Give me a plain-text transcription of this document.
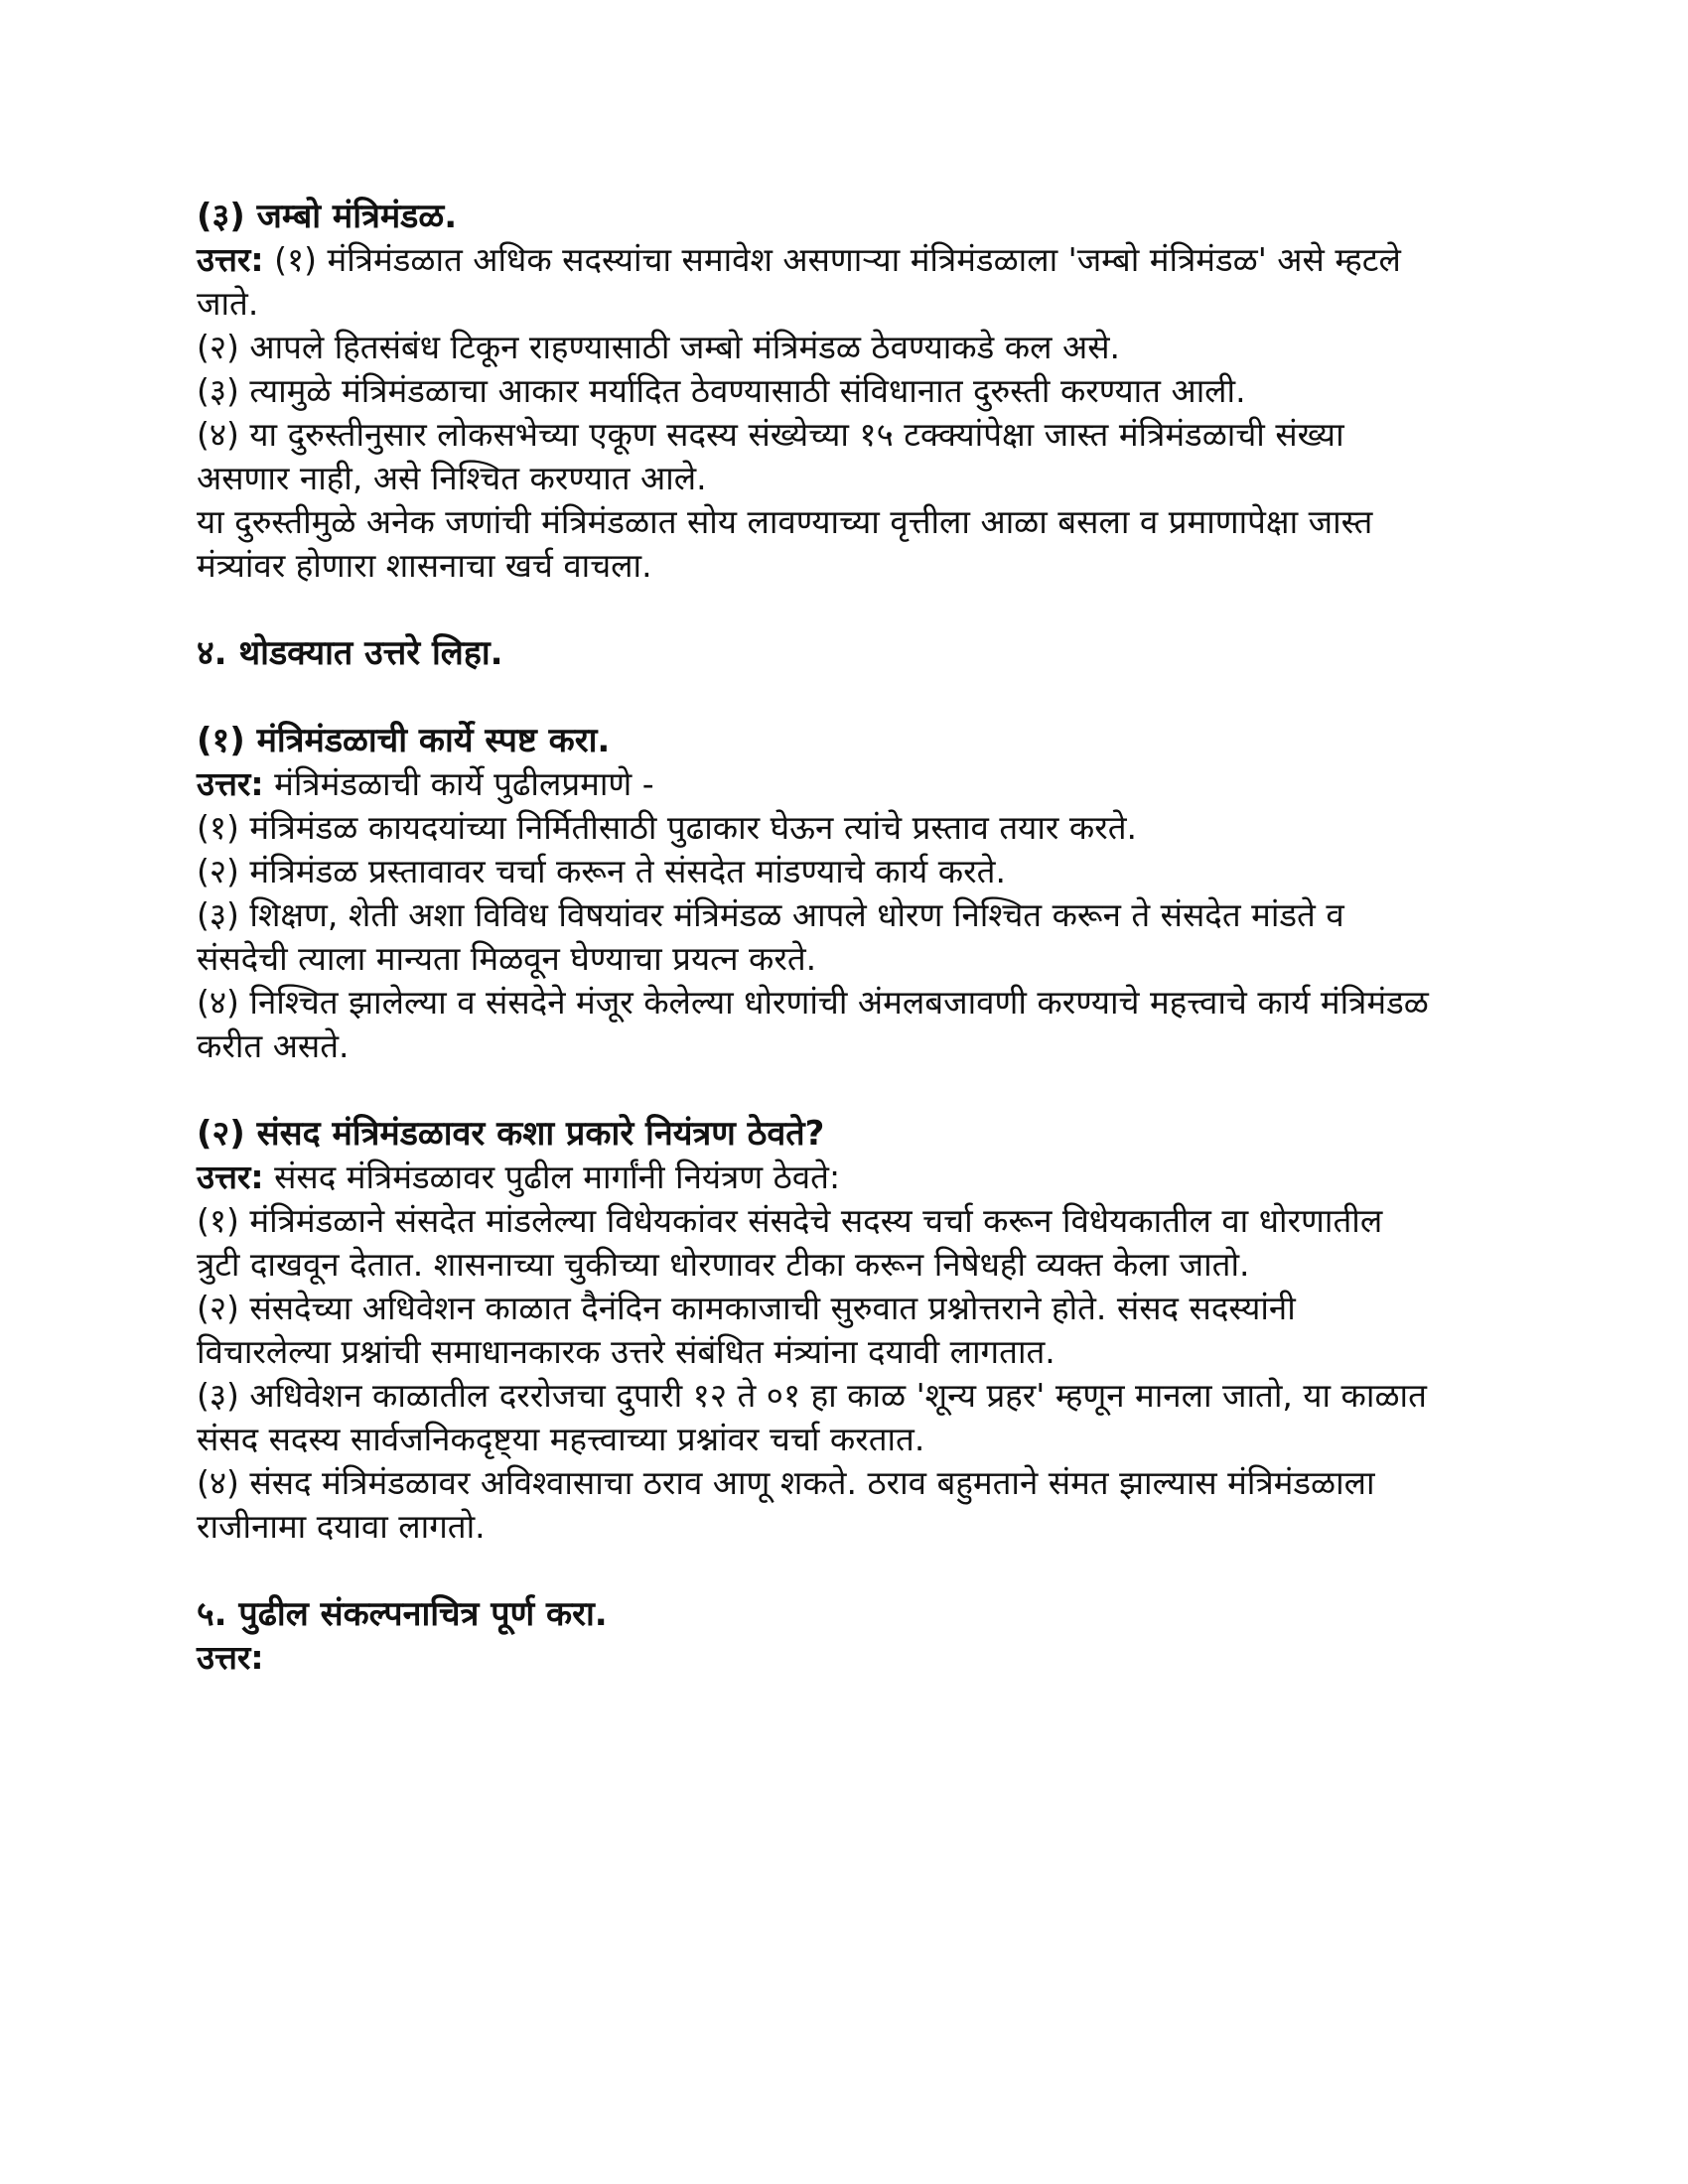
(३) जम्बो मंत्रिमंडळ.

उत्तर: (१) मंत्रिमंडळात अधिक सदस्यांचा समावेश असणाऱ्या मंत्रिमंडळाला 'जम्बो मंत्रिमंडळ' असे म्हटले

जाते.

(२) आपले हितसंबंध टिकून राहण्यासाठी जम्बो मंत्रिमंडळ ठेवण्याकडे कल असे.

(३) त्यामुळे मंत्रिमंडळाचा आकार मर्यादित ठेवण्यासाठी संविधानात दुरुस्ती करण्यात आली.

(४) या दुरुस्तीनुसार लोकसभेच्या एकूण सदस्य संख्येच्या १५ टक्क्यांपेक्षा जास्त मंत्रिमंडळाची संख्या

असणार नाही, असे निश्चित करण्यात आले.

या दुरुस्तीमुळे अनेक जणांची मंत्रिमंडळात सोय लावण्याच्या वृत्तीला आळा बसला व प्रमाणापेक्षा जास्त

मंत्र्यांवर होणारा शासनाचा खर्च वाचला.

४. थोडक्यात उत्तरे लिहा.

(१) मंत्रिमंडळाची कार्ये स्पष्ट करा.

उत्तर: मंत्रिमंडळाची कार्ये पुढीलप्रमाणे -

(१) मंत्रिमंडळ कायदयांच्या निर्मितीसाठी पुढाकार घेऊन त्यांचे प्रस्ताव तयार करते.

(२) मंत्रिमंडळ प्रस्तावावर चर्चा करून ते संसदेत मांडण्याचे कार्य करते.

(३) शिक्षण, शेती अशा विविध विषयांवर मंत्रिमंडळ आपले धोरण निश्चित करून ते संसदेत मांडते व

संसदेची त्याला मान्यता मिळवून घेण्याचा प्रयत्न करते.

(४) निश्चित झालेल्या व संसदेने मंजूर केलेल्या धोरणांची अंमलबजावणी करण्याचे महत्त्वाचे कार्य मंत्रिमंडळ

करीत असते.

(२) संसद मंत्रिमंडळावर कशा प्रकारे नियंत्रण ठेवते?

उत्तर: संसद मंत्रिमंडळावर पुढील मार्गांनी नियंत्रण ठेवते:

(१) मंत्रिमंडळाने संसदेत मांडलेल्या विधेयकांवर संसदेचे सदस्य चर्चा करून विधेयकातील वा धोरणातील

त्रुटी दाखवून देतात. शासनाच्या चुकीच्या धोरणावर टीका करून निषेधही व्यक्त केला जातो.

(२) संसदेच्या अधिवेशन काळात दैनंदिन कामकाजाची सुरुवात प्रश्नोत्तराने होते. संसद सदस्यांनी

विचारलेल्या प्रश्नांची समाधानकारक उत्तरे संबंधित मंत्र्यांना दयावी लागतात.

(३) अधिवेशन काळातील दररोजचा दुपारी १२ ते ०१ हा काळ 'शून्य प्रहर' म्हणून मानला जातो, या काळात

संसद सदस्य सार्वजनिकदृष्ट्या महत्त्वाच्या प्रश्नांवर चर्चा करतात.

(४) संसद मंत्रिमंडळावर अविश्वासाचा ठराव आणू शकते. ठराव बहुमताने संमत झाल्यास मंत्रिमंडळाला

राजीनामा दयावा लागतो.

५. पुढील संकल्पनाचित्र पूर्ण करा.

उत्तर:
